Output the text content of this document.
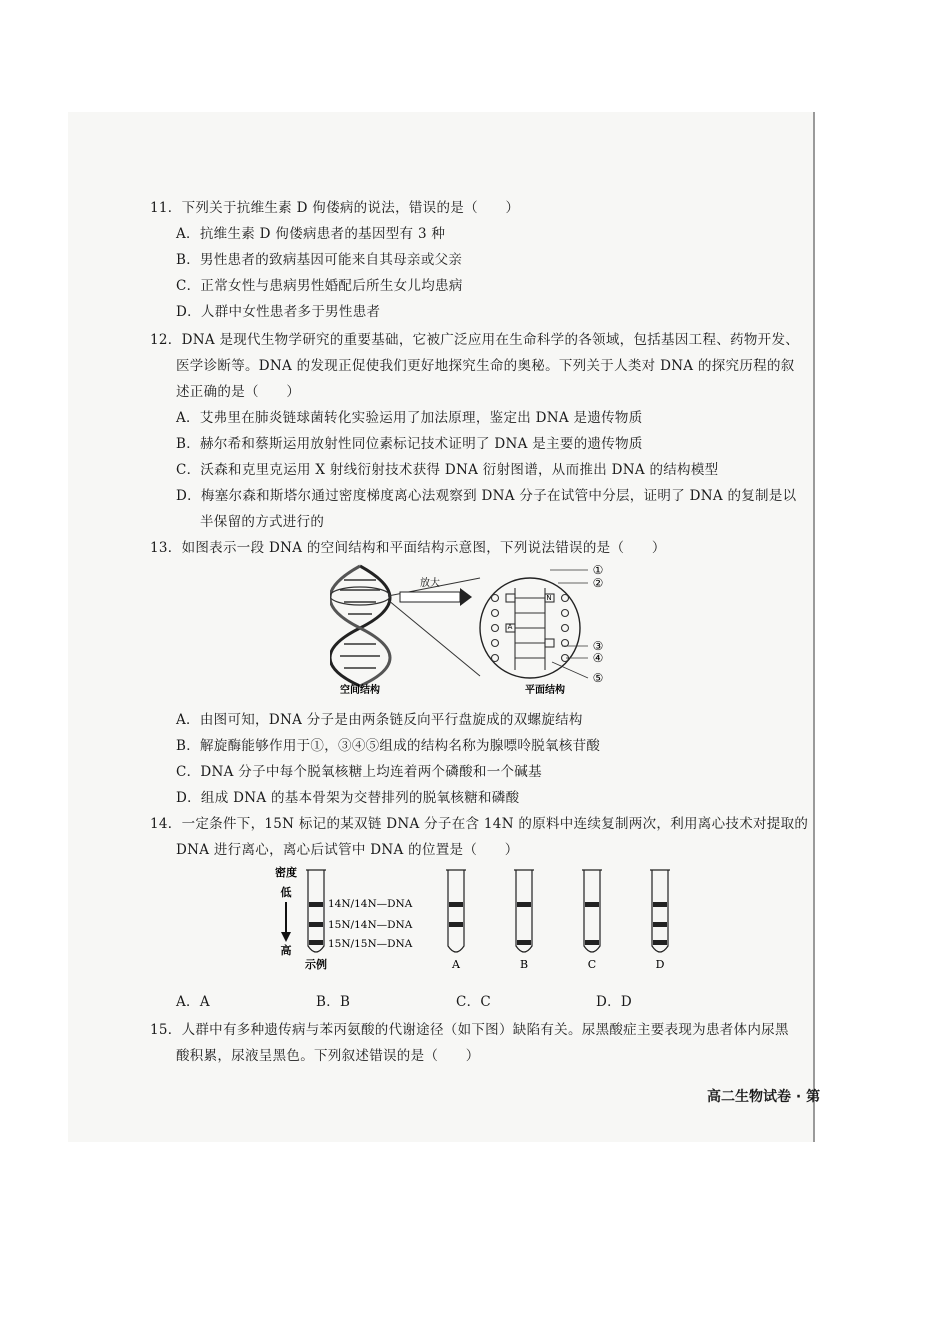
11．下列关于抗维生素 D 佝偻病的说法，错误的是（　　）
A．抗维生素 D 佝偻病患者的基因型有 3 种
B．男性患者的致病基因可能来自其母亲或父亲
C．正常女性与患病男性婚配后所生女儿均患病
D．人群中女性患者多于男性患者
12．DNA 是现代生物学研究的重要基础，它被广泛应用在生命科学的各领域，包括基因工程、药物开发、
医学诊断等。DNA 的发现正促使我们更好地探究生命的奥秘。下列关于人类对 DNA 的探究历程的叙
述正确的是（　　）
A．艾弗里在肺炎链球菌转化实验运用了加法原理，鉴定出 DNA 是遗传物质
B．赫尔希和蔡斯运用放射性同位素标记技术证明了 DNA 是主要的遗传物质
C．沃森和克里克运用 X 射线衍射技术获得 DNA 衍射图谱，从而推出 DNA 的结构模型
D．梅塞尔森和斯塔尔通过密度梯度离心法观察到 DNA 分子在试管中分层，证明了 DNA 的复制是以
半保留的方式进行的
13．如图表示一段 DNA 的空间结构和平面结构示意图，下列说法错误的是（　　）
放大
A
N
①
②
③
④
⑤
空间结构	平面结构
A．由图可知，DNA 分子是由两条链反向平行盘旋成的双螺旋结构
B．解旋酶能够作用于①，③④⑤组成的结构名称为腺嘌呤脱氧核苷酸
C．DNA 分子中每个脱氧核糖上均连着两个磷酸和一个碱基
D．组成 DNA 的基本骨架为交替排列的脱氧核糖和磷酸
14．一定条件下，15N 标记的某双链 DNA 分子在含 14N 的原料中连续复制两次，利用离心技术对提取的
DNA 进行离心，离心后试管中 DNA 的位置是（　　）
密度
低
高
14N/14N—DNA
15N/14N—DNA
15N/15N—DNA
示例	A	B	C	D
A．A	B．B	C．C	D．D
15．人群中有多种遗传病与苯丙氨酸的代谢途径（如下图）缺陷有关。尿黑酸症主要表现为患者体内尿黑
酸积累，尿液呈黑色。下列叙述错误的是（　　）
高二生物试卷 · 第
